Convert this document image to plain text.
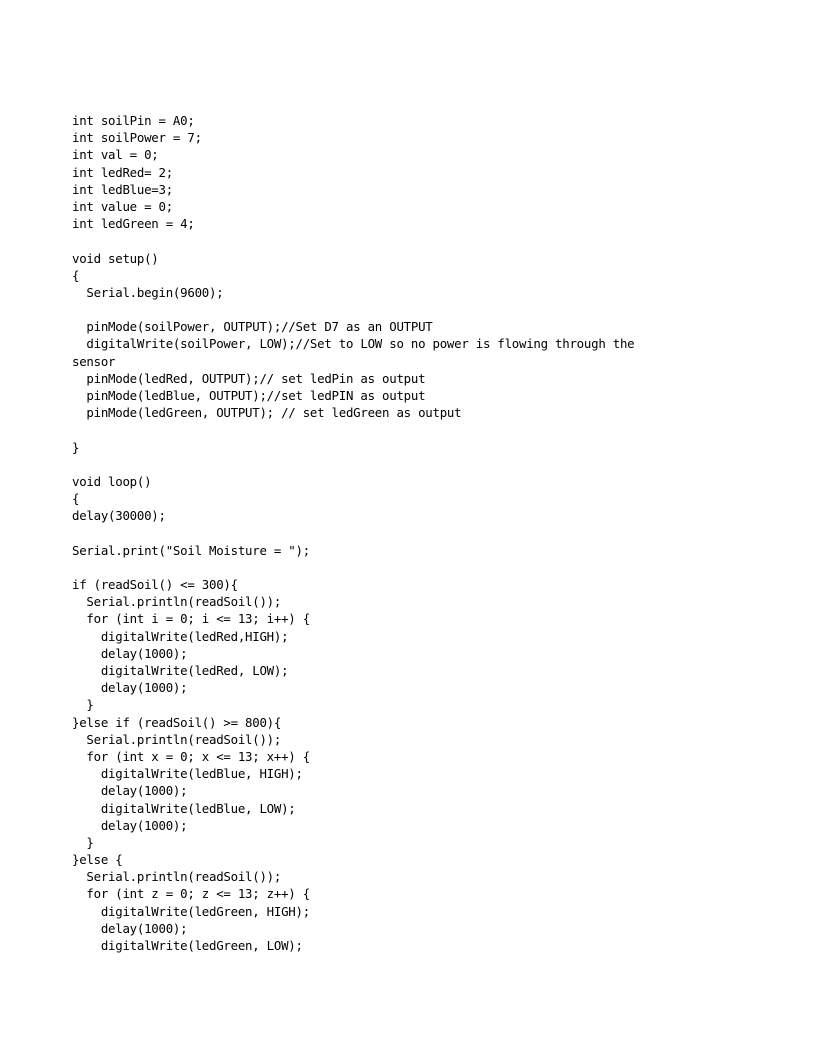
int soilPin = A0;
int soilPower = 7;
int val = 0;
int ledRed= 2;
int ledBlue=3;
int value = 0;
int ledGreen = 4;
void setup()
{
Serial.begin(9600);
pinMode(soilPower, OUTPUT);//Set D7 as an OUTPUT
digitalWrite(soilPower, LOW);//Set to LOW so no power is flowing through the
sensor
pinMode(ledRed, OUTPUT);// set ledPin as output
pinMode(ledBlue, OUTPUT);//set ledPIN as output
pinMode(ledGreen, OUTPUT); // set ledGreen as output
}
void loop()
{
delay(30000);
Serial.print("Soil Moisture = ");
if (readSoil() <= 300){
Serial.println(readSoil());
for (int i = 0; i <= 13; i++) {
digitalWrite(ledRed,HIGH);
delay(1000);
digitalWrite(ledRed, LOW);
delay(1000);
}
}else if (readSoil() >= 800){
Serial.println(readSoil());
for (int x = 0; x <= 13; x++) {
digitalWrite(ledBlue, HIGH);
delay(1000);
digitalWrite(ledBlue, LOW);
delay(1000);
}
}else {
Serial.println(readSoil());
for (int z = 0; z <= 13; z++) {
digitalWrite(ledGreen, HIGH);
delay(1000);
digitalWrite(ledGreen, LOW);
